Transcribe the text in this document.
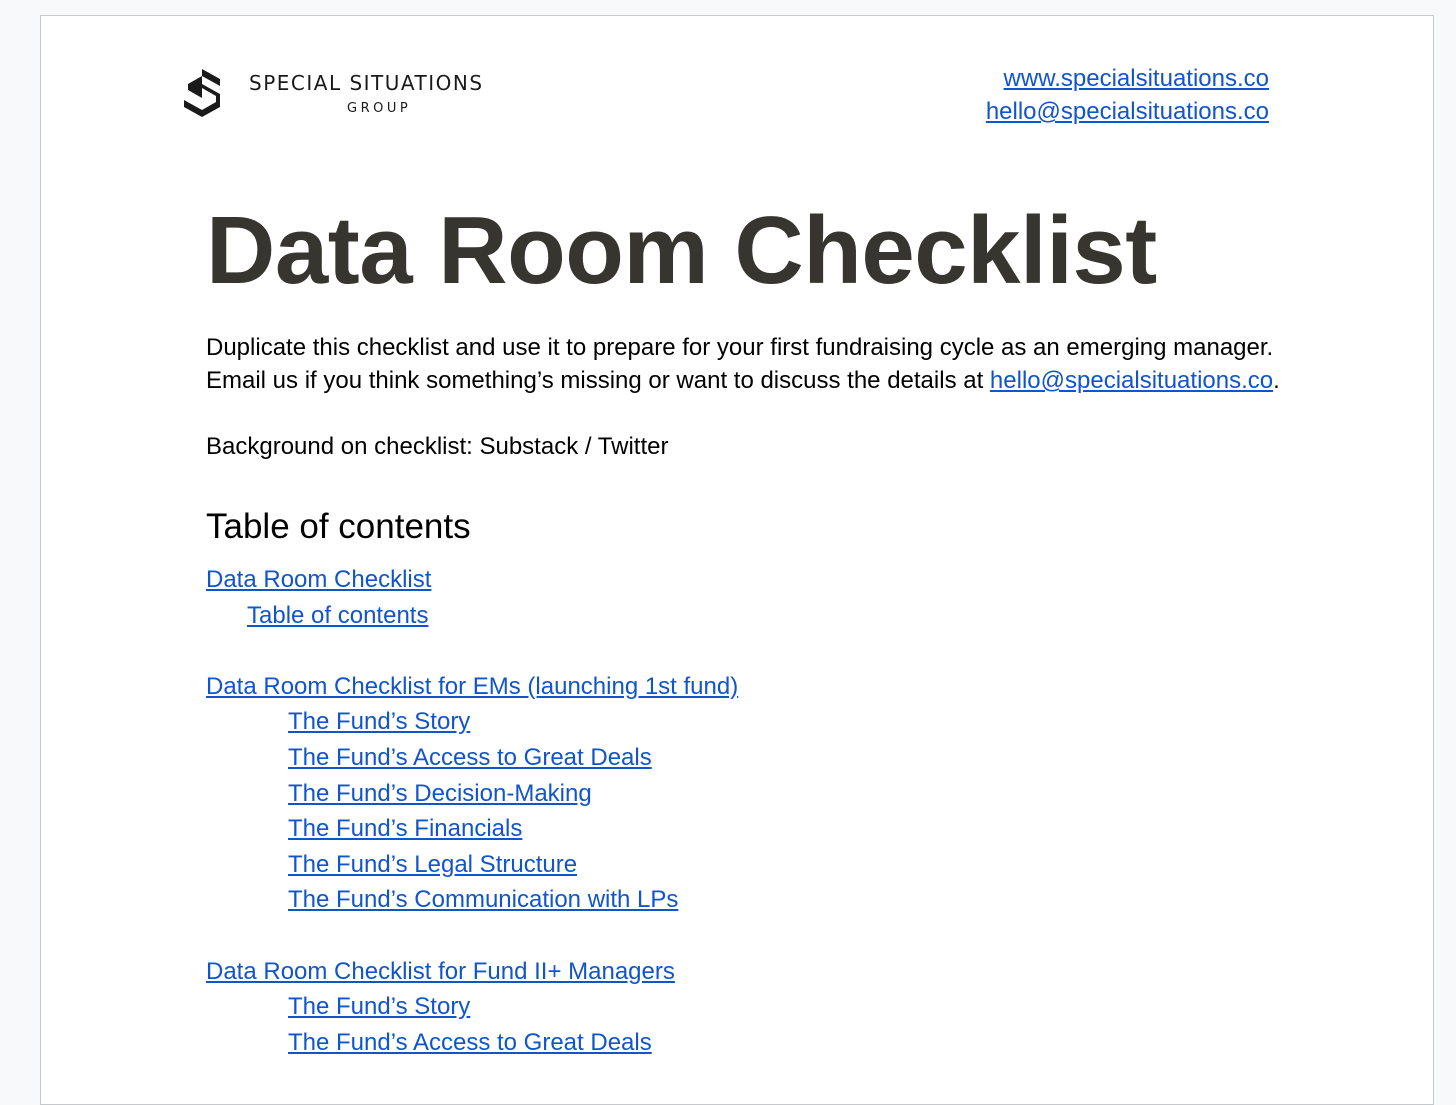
SPECIAL SITUATIONS
GROUP
www.specialsituations.co
hello@specialsituations.co
Data Room Checklist

Duplicate this checklist and use it to prepare for your first fundraising cycle as an emerging manager. Email us if you think something’s missing or want to discuss the details at hello@specialsituations.co.

Background on checklist: Substack / Twitter

Table of contents
Data Room Checklist
Table of contents
Data Room Checklist for EMs (launching 1st fund)
The Fund’s Story
The Fund’s Access to Great Deals
The Fund’s Decision-Making
The Fund’s Financials
The Fund’s Legal Structure
The Fund’s Communication with LPs
Data Room Checklist for Fund II+ Managers
The Fund’s Story
The Fund’s Access to Great Deals
